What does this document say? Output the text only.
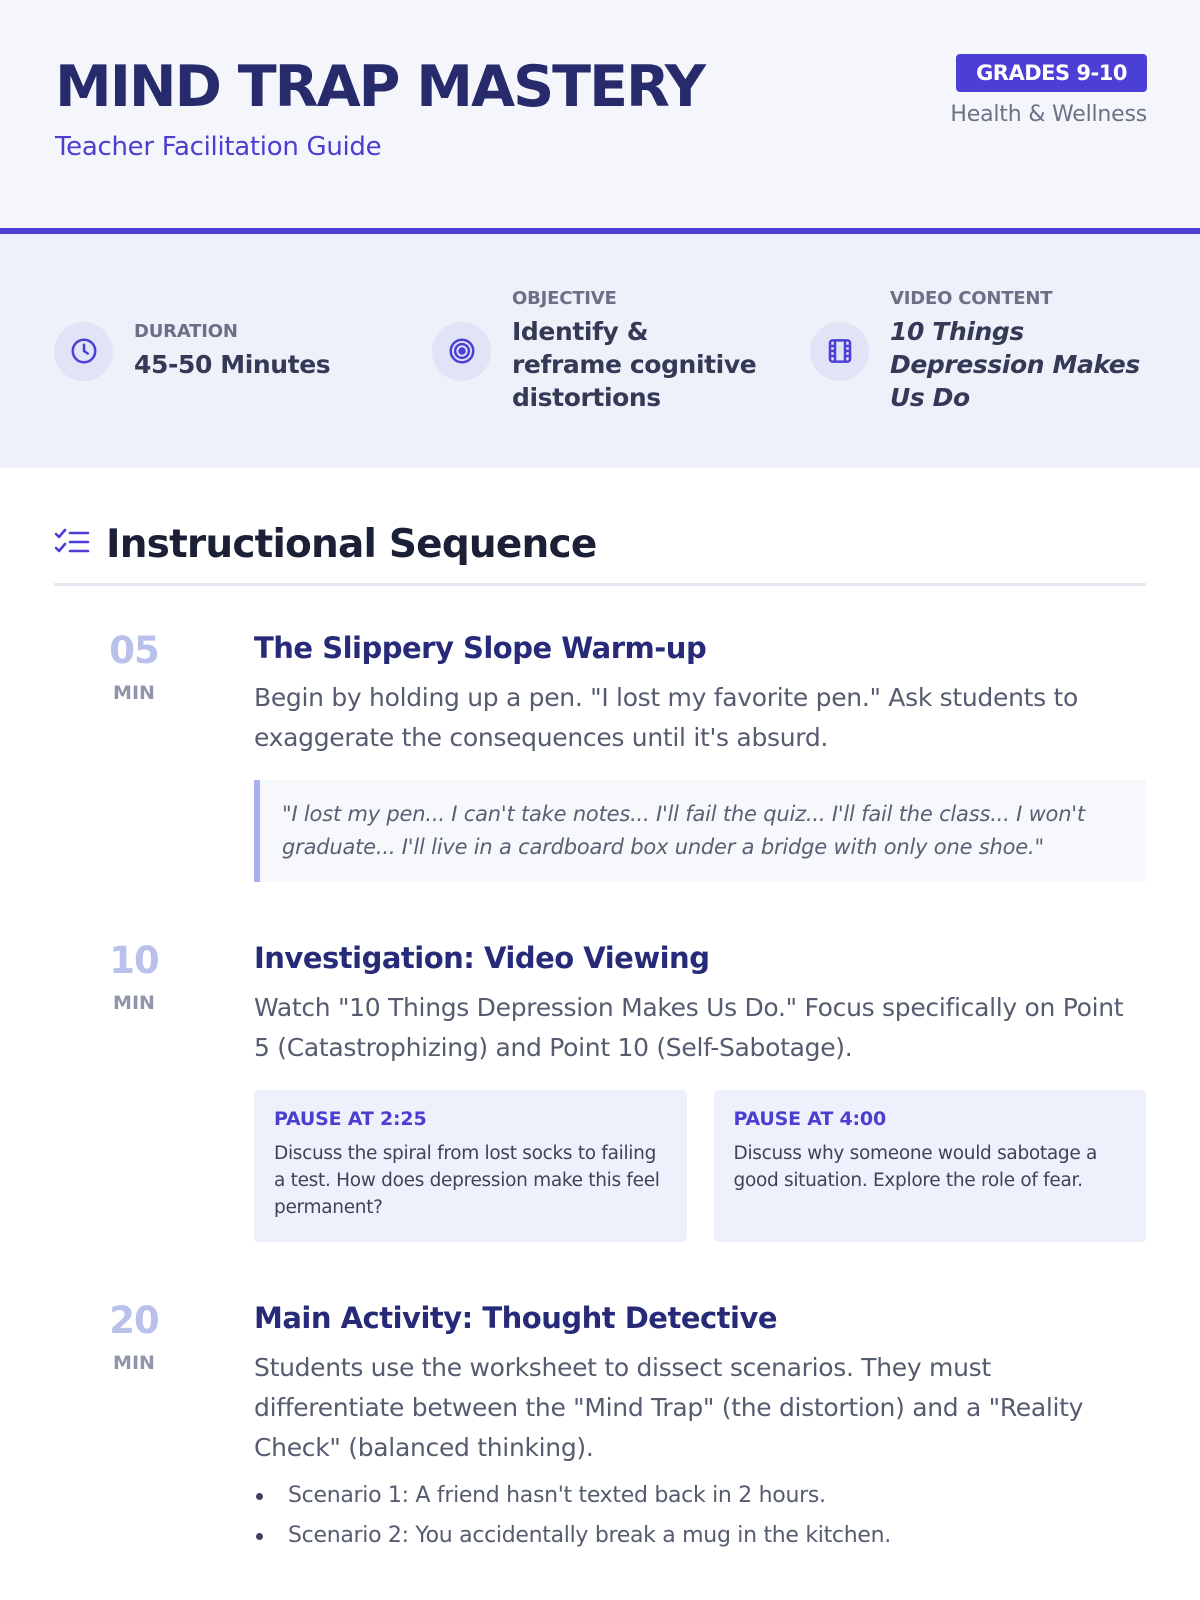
MIND TRAP MASTERY
Teacher Facilitation Guide
GRADES 9-10
Health & Wellness
DURATION
45-50 Minutes
OBJECTIVE
Identify & reframe cognitive distortions
VIDEO CONTENT
10 Things Depression Makes Us Do
Instructional Sequence
05
MIN
The Slippery Slope Warm-up

Begin by holding up a pen. "I lost my favorite pen." Ask students to exaggerate the consequences until it's absurd.

"I lost my pen... I can't take notes... I'll fail the quiz... I'll fail the class... I won't graduate... I'll live in a cardboard box under a bridge with only one shoe."
10
MIN
Investigation: Video Viewing

Watch "10 Things Depression Makes Us Do." Focus specifically on Point 5 (Catastrophizing) and Point 10 (Self-Sabotage).

PAUSE AT 2:25
Discuss the spiral from lost socks to failing a test. How does depression make this feel permanent?
PAUSE AT 4:00
Discuss why someone would sabotage a good situation. Explore the role of fear.
20
MIN
Main Activity: Thought Detective

Students use the worksheet to dissect scenarios. They must differentiate between the "Mind Trap" (the distortion) and a "Reality Check" (balanced thinking).

Scenario 1: A friend hasn't texted back in 2 hours.
Scenario 2: You accidentally break a mug in the kitchen.
